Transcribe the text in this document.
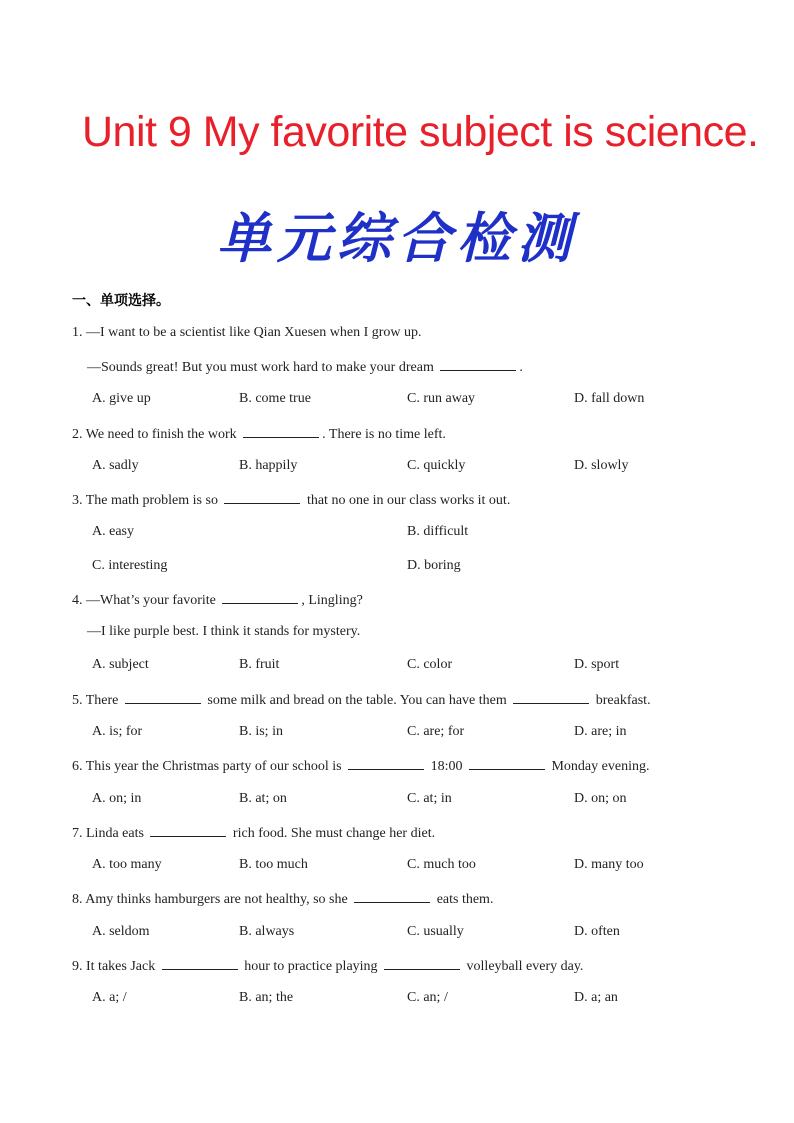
Unit 9 My favorite subject is science.
单元综合检测
一、单项选择。
1. —I want to be a scientist like Qian Xuesen when I grow up.
—Sounds great! But you must work hard to make your dream	.
A. give up	B. come true	C. run away	D. fall down
2. We need to finish the work	. There is no time left.
A. sadly	B. happily	C. quickly	D. slowly
3. The math problem is so	that no one in our class works it out.
A. easy	B. difficult
C. interesting	D. boring
4. —What’s your favorite	, Lingling?
—I like purple best. I think it stands for mystery.
A. subject	B. fruit	C. color	D. sport
5. There	some milk and bread on the table. You can have them	breakfast.
A. is; for	B. is; in	C. are; for	D. are; in
6. This year the Christmas party of our school is	18:00	Monday evening.
A. on; in	B. at; on	C. at; in	D. on; on
7. Linda eats	rich food. She must change her diet.
A. too many	B. too much	C. much too	D. many too
8. Amy thinks hamburgers are not healthy, so she	eats them.
A. seldom	B. always	C. usually	D. often
9. It takes Jack	hour to practice playing	volleyball every day.
A. a; /	B. an; the	C. an; /	D. a; an
